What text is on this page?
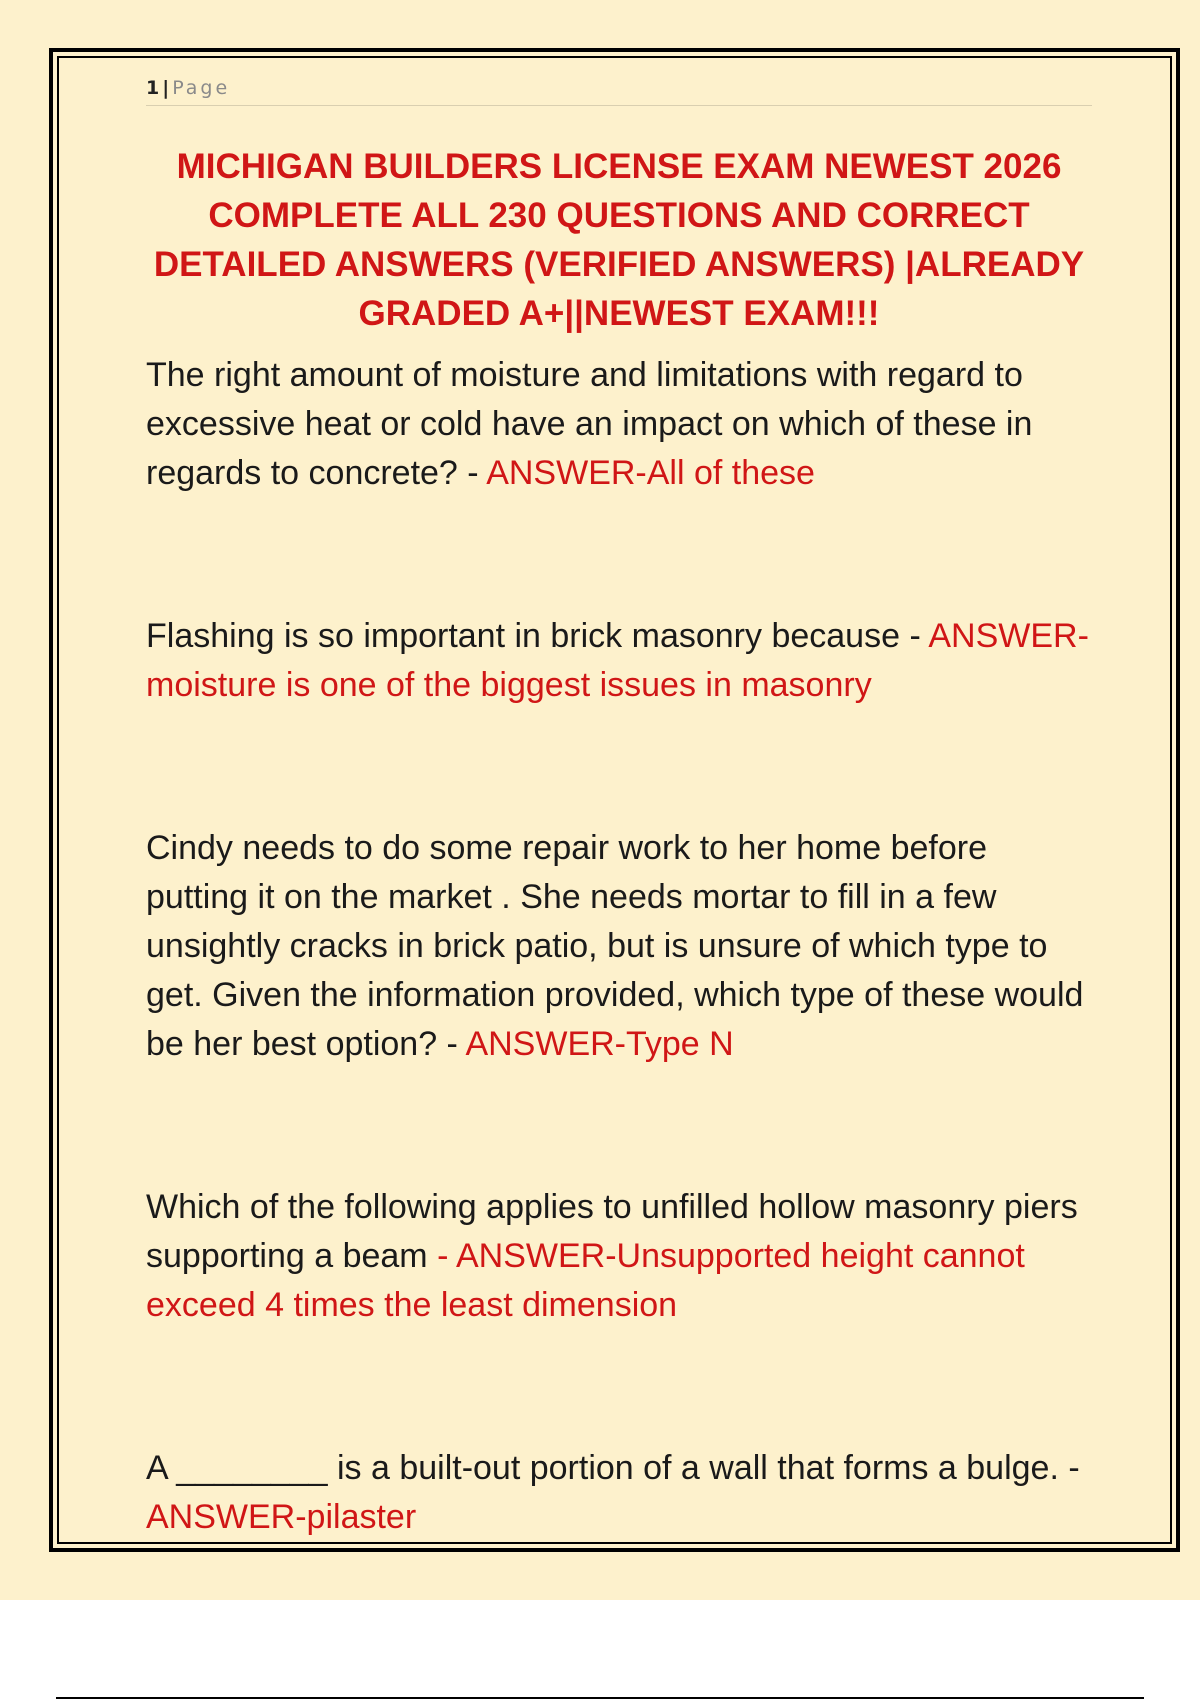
1 | Page
MICHIGAN BUILDERS LICENSE EXAM NEWEST 2026 COMPLETE ALL 230 QUESTIONS AND CORRECT DETAILED ANSWERS (VERIFIED ANSWERS) |ALREADY GRADED A+||NEWEST EXAM!!!

The right amount of moisture and limitations with regard to excessive heat or cold have an impact on which of these in regards to concrete? - ANSWER-All of these

Flashing is so important in brick masonry because - ANSWER-moisture is one of the biggest issues in masonry

Cindy needs to do some repair work to her home before putting it on the market . She needs mortar to fill in a few unsightly cracks in brick patio, but is unsure of which type to get. Given the information provided, which type of these would be her best option? - ANSWER-Type N

Which of the following applies to unfilled hollow masonry piers supporting a beam - ANSWER-Unsupported height cannot exceed 4 times the least dimension

A ________ is a built-out portion of a wall that forms a bulge. - ANSWER-pilaster
